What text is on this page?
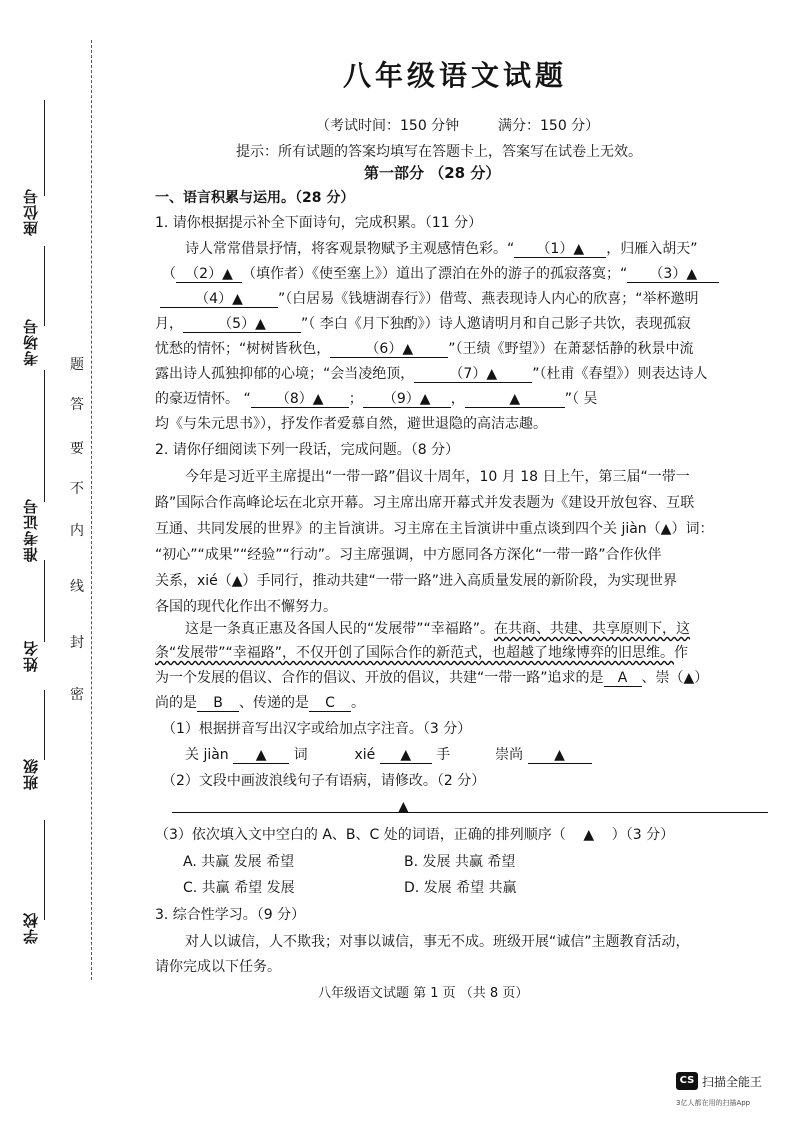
座位号
考场号
准考证号
姓名
班级
学校
密
封
线
内
不
要
答
题
八年级语文试题
（考试时间：150 分钟	满分：150 分）
提示：所有试题的答案均填写在答题卡上，答案写在试卷上无效。
第一部分 （28 分）
一、语言积累与运用。（28 分）
1. 请你根据提示补全下面诗句，完成积累。（11 分）
诗人常常借景抒情，将客观景物赋予主观感情色彩。“ （1）▲ ，归雁入胡天”
（ （2）▲ （填作者）《使至塞上》）道出了漂泊在外的游子的孤寂落寞；“ （3）▲
（4）▲	”（白居易《钱塘湖春行》）借莺、燕表现诗人内心的欣喜；“举杯邀明
月，	（5）▲	”（ 李白《月下独酌》）诗人邀请明月和自己影子共饮，表现孤寂
忧愁的情怀；“树树皆秋色，	（6）▲	”（王绩《野望》）在萧瑟恬静的秋景中流
露出诗人孤独抑郁的心境；“会当凌绝顶，	（7）▲	”（杜甫《春望》）则表达诗人
的豪迈情怀。 “ （8）▲ ； （9）▲ ，	▲	”（ 吴
均《与朱元思书》），抒发作者爱慕自然，避世退隐的高洁志趣。
2. 请你仔细阅读下列一段话，完成问题。（8 分）
今年是习近平主席提出“一带一路”倡议十周年，10 月 18 日上午，第三届“一带一
路”国际合作高峰论坛在北京开幕。习主席出席开幕式并发表题为《建设开放包容、互联
互通、共同发展的世界》的主旨演讲。习主席在主旨演讲中重点谈到四个关 jiàn（▲）词：
“初心”“成果”“经验”“行动”。习主席强调，中方愿同各方深化“一带一路”合作伙伴
关系，xié（▲）手同行，推动共建“一带一路”进入高质量发展的新阶段，为实现世界
各国的现代化作出不懈努力。
这是一条真正惠及各国人民的“发展带”“幸福路”。在共商、共建、共享原则下，这
条“发展带”“幸福路”，不仅开创了国际合作的新范式，也超越了地缘博弈的旧思维。作
为一个发展的倡议、合作的倡议、开放的倡议，共建“一带一路”追求的是 A 、崇（▲）
尚的是 B 、传递的是 C 。
（1）根据拼音写出汉字或给加点字注音。（3 分）
关 jiàn ▲ 词	xié ▲ 手	崇尚 ▲
（2）文段中画波浪线句子有语病，请修改。（2 分）
▲
（3）依次填入文中空白的 A、B、C 处的词语，正确的排列顺序（ ▲ ）（3 分）
A. 共赢 发展 希望	B. 发展 共赢 希望
C. 共赢 希望 发展	D. 发展 希望 共赢
3. 综合性学习。（9 分）
对人以诚信，人不欺我；对事以诚信，事无不成。班级开展“诚信”主题教育活动，
请你完成以下任务。
八年级语文试题 第 1 页 （共 8 页）
CS 扫描全能王
3亿人都在用的扫描App
